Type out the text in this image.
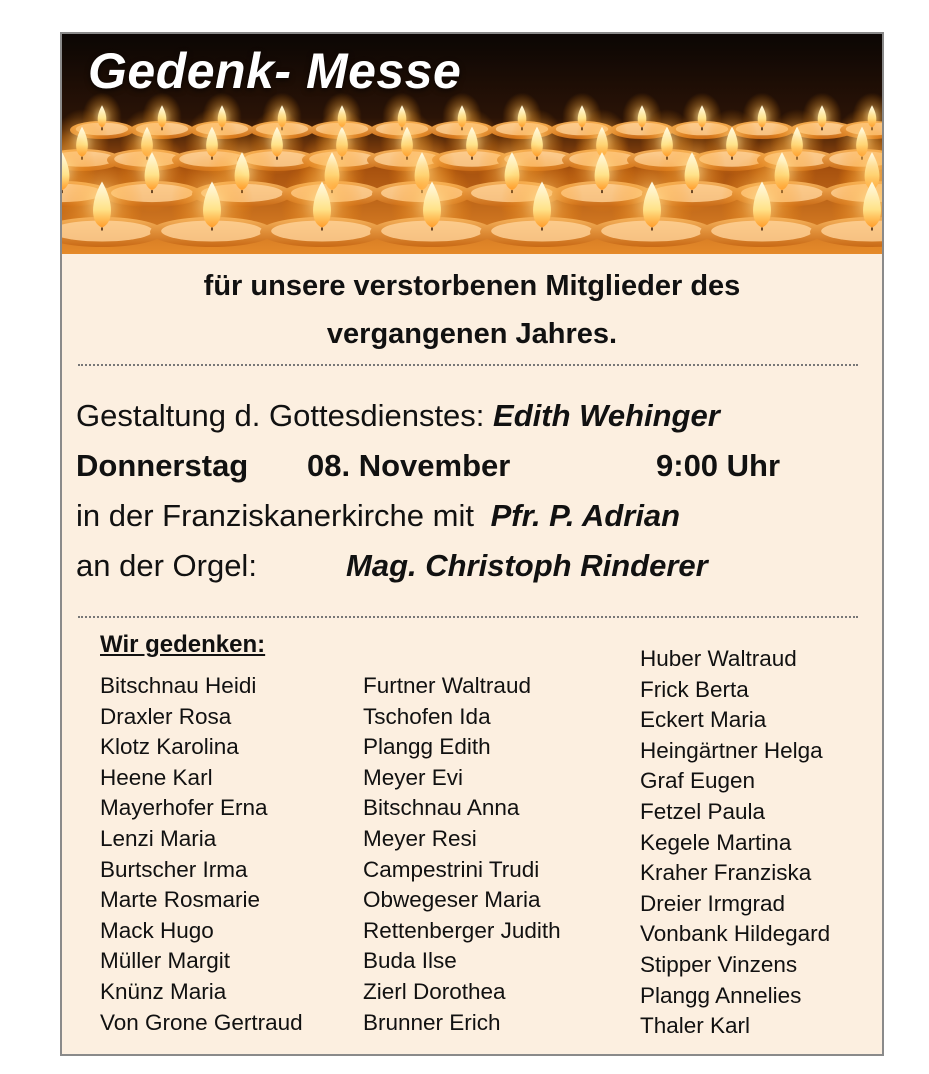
Gedenk- Messe
für unsere verstorbenen Mitglieder des
vergangenen Jahres.
Gestaltung d. Gottesdienstes: Edith Wehinger
Donnerstag 08. November	9:00 Uhr
in der Franziskanerkirche mit Pfr. P. Adrian
an der Orgel:	Mag. Christoph Rinderer
Wir gedenken:
Bitschnau Heidi
Draxler Rosa
Klotz Karolina
Heene Karl
Mayerhofer Erna
Lenzi Maria
Burtscher Irma
Marte Rosmarie
Mack Hugo
Müller Margit
Knünz Maria
Von Grone Gertraud
Furtner Waltraud
Tschofen Ida
Plangg Edith
Meyer Evi
Bitschnau Anna
Meyer Resi
Campestrini Trudi
Obwegeser Maria
Rettenberger Judith
Buda Ilse
Zierl Dorothea
Brunner Erich
Huber Waltraud
Frick Berta
Eckert Maria
Heingärtner Helga
Graf Eugen
Fetzel Paula
Kegele Martina
Kraher Franziska
Dreier Irmgrad
Vonbank Hildegard
Stipper Vinzens
Plangg Annelies
Thaler Karl
